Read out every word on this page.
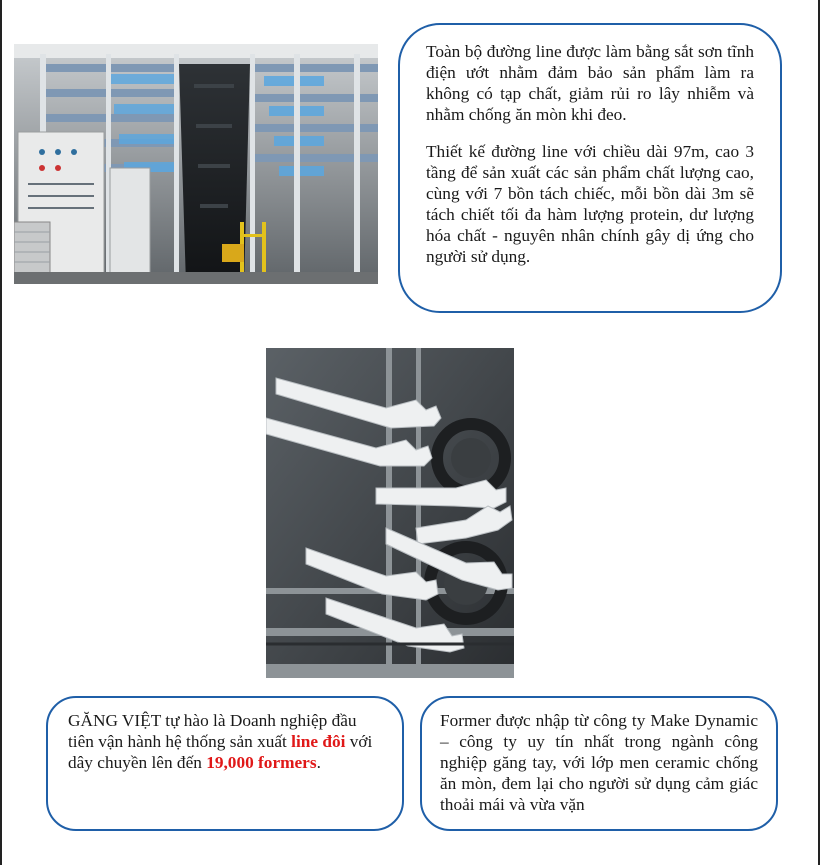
Toàn bộ đường line được làm bằng sắt sơn tĩnh điện ướt nhằm đảm bảo sản phẩm làm ra không có tạp chất, giảm rủi ro lây nhiễm và nhằm chống ăn mòn khi đeo.

Thiết kế đường line với chiều dài 97m, cao 3 tầng để sản xuất các sản phẩm chất lượng cao, cùng với 7 bồn tách chiếc, mỗi bồn dài 3m sẽ tách chiết tối đa hàm lượng protein, dư lượng hóa chất - nguyên nhân chính gây dị ứng cho người sử dụng.

GĂNG VIỆT tự hào là Doanh nghiệp đầu tiên vận hành hệ thống sản xuất line đôi với dây chuyền lên đến 19,000 formers.

Former được nhập từ công ty Make Dynamic – công ty uy tín nhất trong ngành công nghiệp găng tay, với lớp men ceramic chống ăn mòn, đem lại cho người sử dụng cảm giác thoải mái và vừa vặn
